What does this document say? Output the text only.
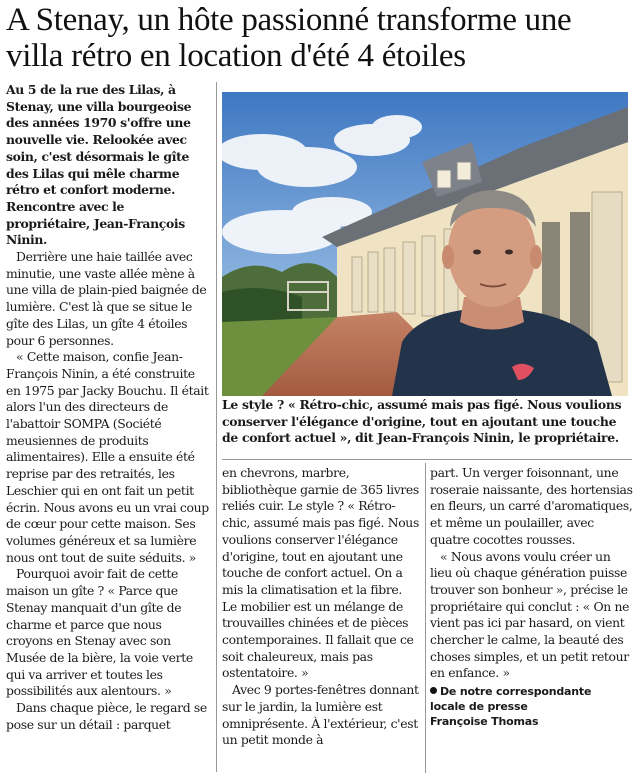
A Stenay, un hôte passionné transforme une villa rétro en location d'été 4 étoiles

Au 5 de la rue des Lilas, à Stenay, une villa bourgeoise des années 1970 s'offre une nouvelle vie. Relookée avec soin, c'est désormais le gîte des Lilas qui mêle charme rétro et confort moderne. Rencontre avec le propriétaire, Jean-François Ninin.

Derrière une haie taillée avec minutie, une vaste allée mène à une villa de plain-pied baignée de lumière. C'est là que se situe le gîte des Lilas, un gîte 4 étoiles pour 6 personnes.

« Cette maison, confie Jean-François Ninin, a été construite en 1975 par Jacky Bouchu. Il était alors l'un des directeurs de l'abattoir SOMPA (Société meusiennes de produits alimentaires). Elle a ensuite été reprise par des retraités, les Leschier qui en ont fait un petit écrin. Nous avons eu un vrai coup de cœur pour cette maison. Ses volumes généreux et sa lumière nous ont tout de suite séduits. »

Pourquoi avoir fait de cette maison un gîte ? « Parce que Stenay manquait d'un gîte de charme et parce que nous croyons en Stenay avec son Musée de la bière, la voie verte qui va arriver et toutes les possibilités aux alentours. »

Dans chaque pièce, le regard se pose sur un détail : parquet

Le style ? « Rétro-chic, assumé mais pas figé. Nous voulions conserver l'élégance d'origine, tout en ajoutant une touche de confort actuel », dit Jean-François Ninin, le propriétaire.

en chevrons, marbre, bibliothèque garnie de 365 livres reliés cuir. Le style ? « Rétro-chic, assumé mais pas figé. Nous voulions conserver l'élégance d'origine, tout en ajoutant une touche de confort actuel. On a mis la climatisation et la fibre. Le mobilier est un mélange de trouvailles chinées et de pièces contemporaines. Il fallait que ce soit chaleureux, mais pas ostentatoire. »

Avec 9 portes-fenêtres donnant sur le jardin, la lumière est omniprésente. À l'extérieur, c'est un petit monde à

part. Un verger foisonnant, une roseraie naissante, des hortensias en fleurs, un carré d'aromatiques, et même un poulailler, avec quatre cocottes rousses.

« Nous avons voulu créer un lieu où chaque génération puisse trouver son bonheur », précise le propriétaire qui conclut : « On ne vient pas ici par hasard, on vient chercher le calme, la beauté des choses simples, et un petit retour en enfance. »

De notre correspondante
locale de presse
Françoise Thomas
